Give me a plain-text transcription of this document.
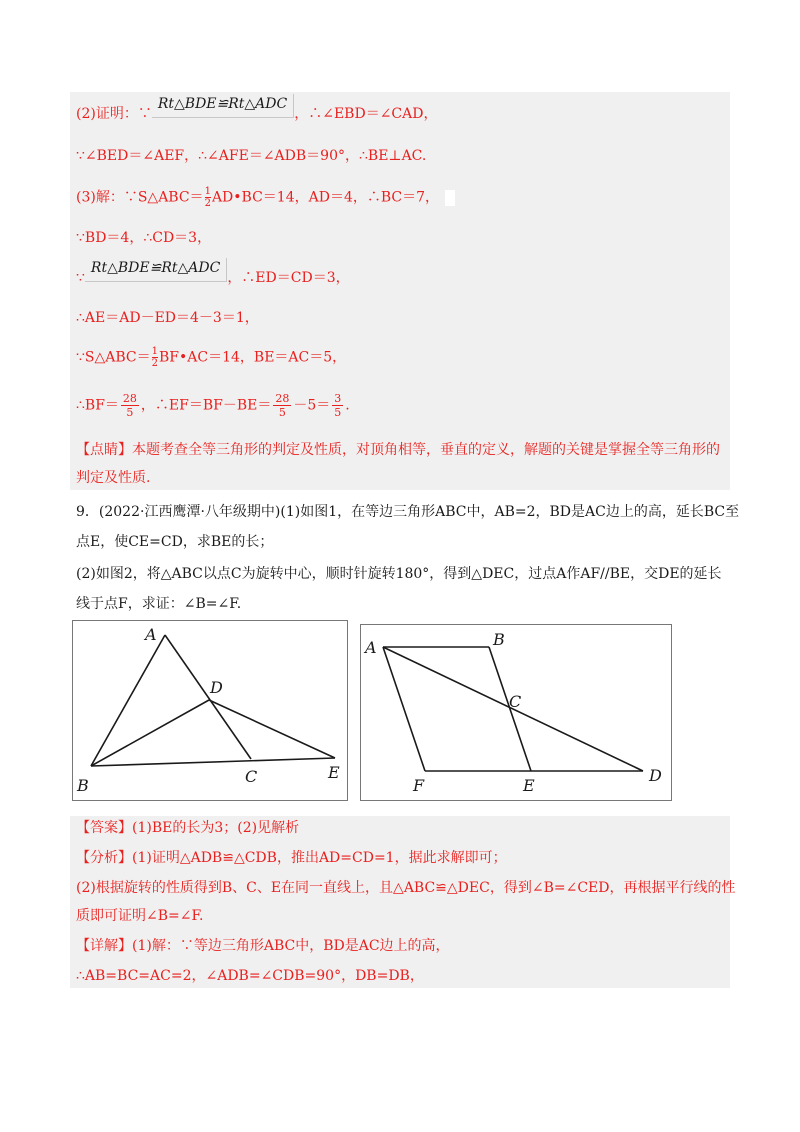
(2)证明：∵Rt△BDE≌Rt△ADC，∴∠EBD＝∠CAD，
∵∠BED＝∠AEF，∴∠AFE＝∠ADB＝90°，∴BE⊥AC.
(3)解：∵S△ABC＝ $\frac{1}{2}$ AD•BC＝14，AD＝4，∴BC＝7，
∵BD＝4，∴CD＝3，
∵Rt△BDE≌Rt△ADC，∴ED＝CD＝3，
∴AE＝AD－ED＝4－3＝1，
∵S△ABC＝ $\frac{1}{2}$ BF•AC＝14，BE＝AC＝5，
∴BF＝ $\frac{28}{5}$ ，∴EF＝BF－BE＝ $\frac{28}{5} -5= \frac{3}{5}$ .
【点睛】本题考查全等三角形的判定及性质，对顶角相等，垂直的定义，解题的关键是掌握全等三角形的
判定及性质.
9．(2022·江西鹰潭·八年级期中)(1)如图1，在等边三角形ABC中，AB=2，BD是AC边上的高，延长BC至
点E，使CE=CD，求BE的长；
(2)如图2，将△ABC以点C为旋转中心，顺时针旋转180°，得到△DEC，过点A作AF//BE，交DE的延长
线于点F，求证：∠B=∠F.
A
D
B	C	E
A	B
C
F	E
D
【答案】(1)BE的长为3；(2)见解析
【分析】(1)证明△ADB≌△CDB，推出AD=CD=1，据此求解即可；
(2)根据旋转的性质得到B、C、E在同一直线上，且△ABC≌△DEC，得到∠B=∠CED，再根据平行线的性
质即可证明∠B=∠F.
【详解】(1)解：∵等边三角形ABC中，BD是AC边上的高，
∴AB=BC=AC=2，∠ADB=∠CDB=90°，DB=DB，
